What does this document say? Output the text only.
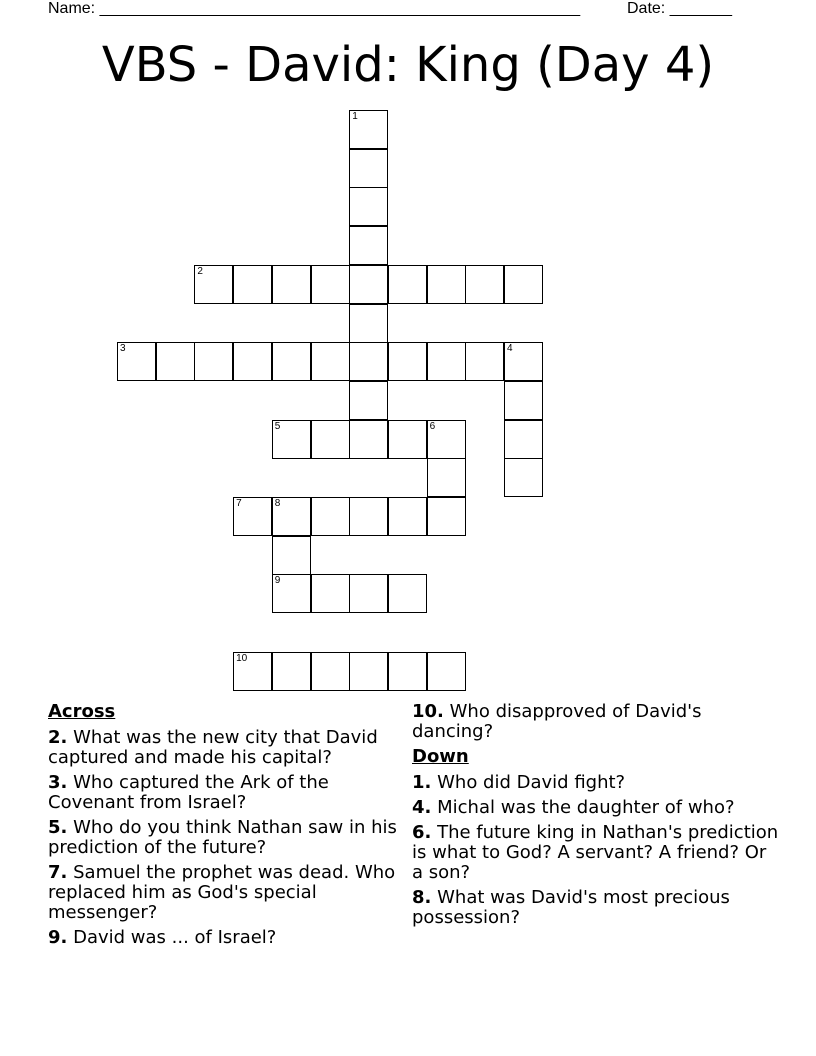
Name: ______________________________________________________	Date: _______
VBS - David: King (Day 4)
1
2
3	4
5	6
7	8
9
10
Across
2. What was the new city that David captured and made his capital?
3. Who captured the Ark of the Covenant from Israel?
5. Who do you think Nathan saw in his prediction of the future?
7. Samuel the prophet was dead. Who replaced him as God's special messenger?
9. David was ... of Israel?
10. Who disapproved of David's dancing?
Down
1. Who did David fight?
4. Michal was the daughter of who?
6. The future king in Nathan's prediction is what to God? A servant? A friend? Or a son?
8. What was David's most precious possession?
